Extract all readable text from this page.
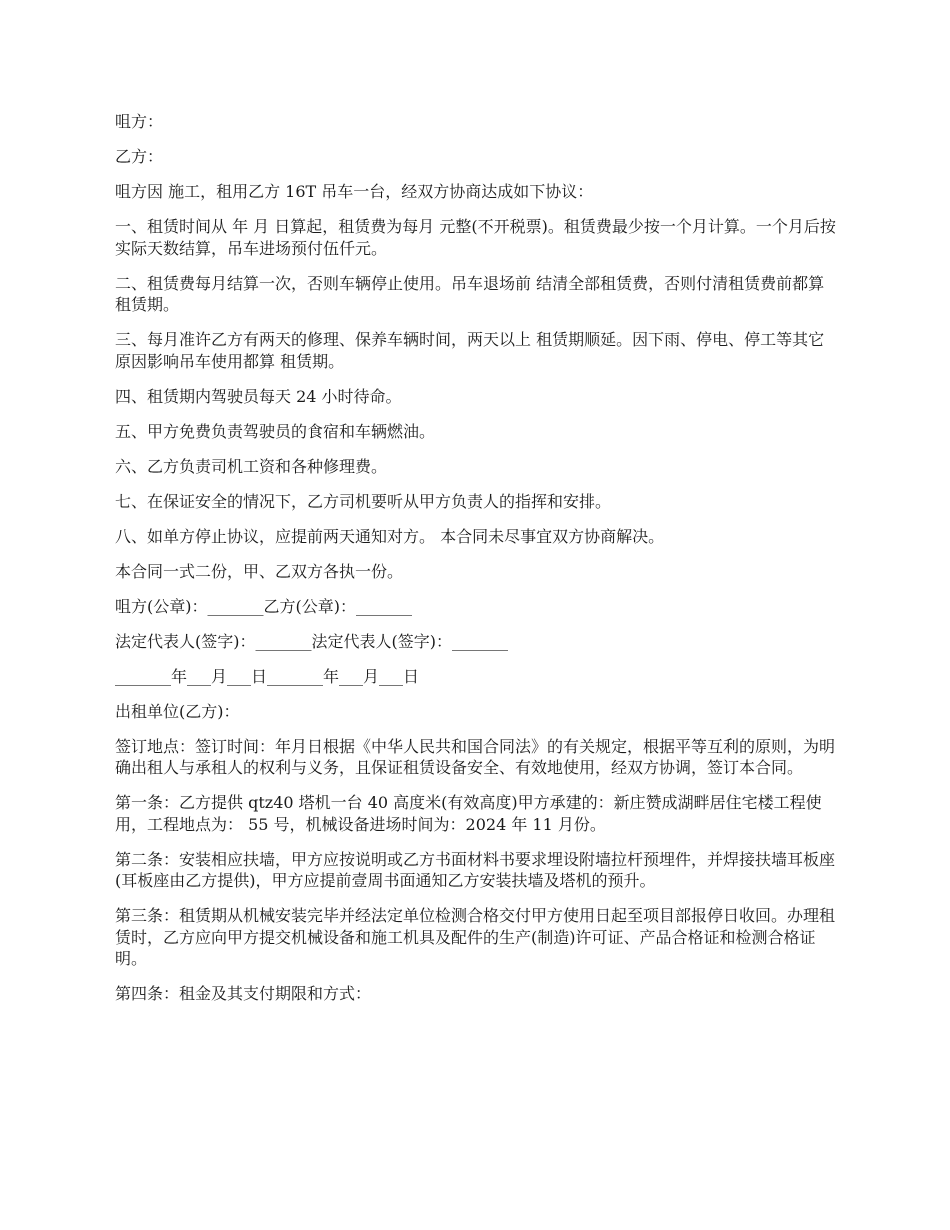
咀方：

乙方：

咀方因 施工，租用乙方 16T 吊车一台，经双方协商达成如下协议：

一、租赁时间从 年 月 日算起，租赁费为每月 元整(不开税票)。租赁费最少按一个月计算。一个月后按实际天数结算，吊车进场预付伍仟元。

二、租赁费每月结算一次，否则车辆停止使用。吊车退场前 结清全部租赁费，否则付清租赁费前都算租赁期。

三、每月准许乙方有两天的修理、保养车辆时间，两天以上 租赁期顺延。因下雨、停电、停工等其它原因影响吊车使用都算 租赁期。

四、租赁期内驾驶员每天 24 小时待命。

五、甲方免费负责驾驶员的食宿和车辆燃油。

六、乙方负责司机工资和各种修理费。

七、在保证安全的情况下，乙方司机要听从甲方负责人的指挥和安排。

八、如单方停止协议，应提前两天通知对方。 本合同未尽事宜双方协商解决。

本合同一式二份，甲、乙双方各执一份。

咀方(公章)：_______乙方(公章)：_______

法定代表人(签字)：_______法定代表人(签字)：_______

_______年___月___日_______年___月___日

出租单位(乙方)：

签订地点：签订时间：年月日根据《中华人民共和国合同法》的有关规定，根据平等互利的原则，为明确出租人与承租人的权利与义务，且保证租赁设备安全、有效地使用，经双方协调，签订本合同。

第一条：乙方提供 qtz40 塔机一台 40 高度米(有效高度)甲方承建的：新庄赞成湖畔居住宅楼工程使用，工程地点为： 55 号，机械设备进场时间为：2024 年 11 月份。

第二条：安装相应扶墙，甲方应按说明或乙方书面材料书要求埋设附墙拉杆预埋件，并焊接扶墙耳板座(耳板座由乙方提供)，甲方应提前壹周书面通知乙方安装扶墙及塔机的预升。

第三条：租赁期从机械安装完毕并经法定单位检测合格交付甲方使用日起至项目部报停日收回。办理租赁时，乙方应向甲方提交机械设备和施工机具及配件的生产(制造)许可证、产品合格证和检测合格证明。

第四条：租金及其支付期限和方式：
